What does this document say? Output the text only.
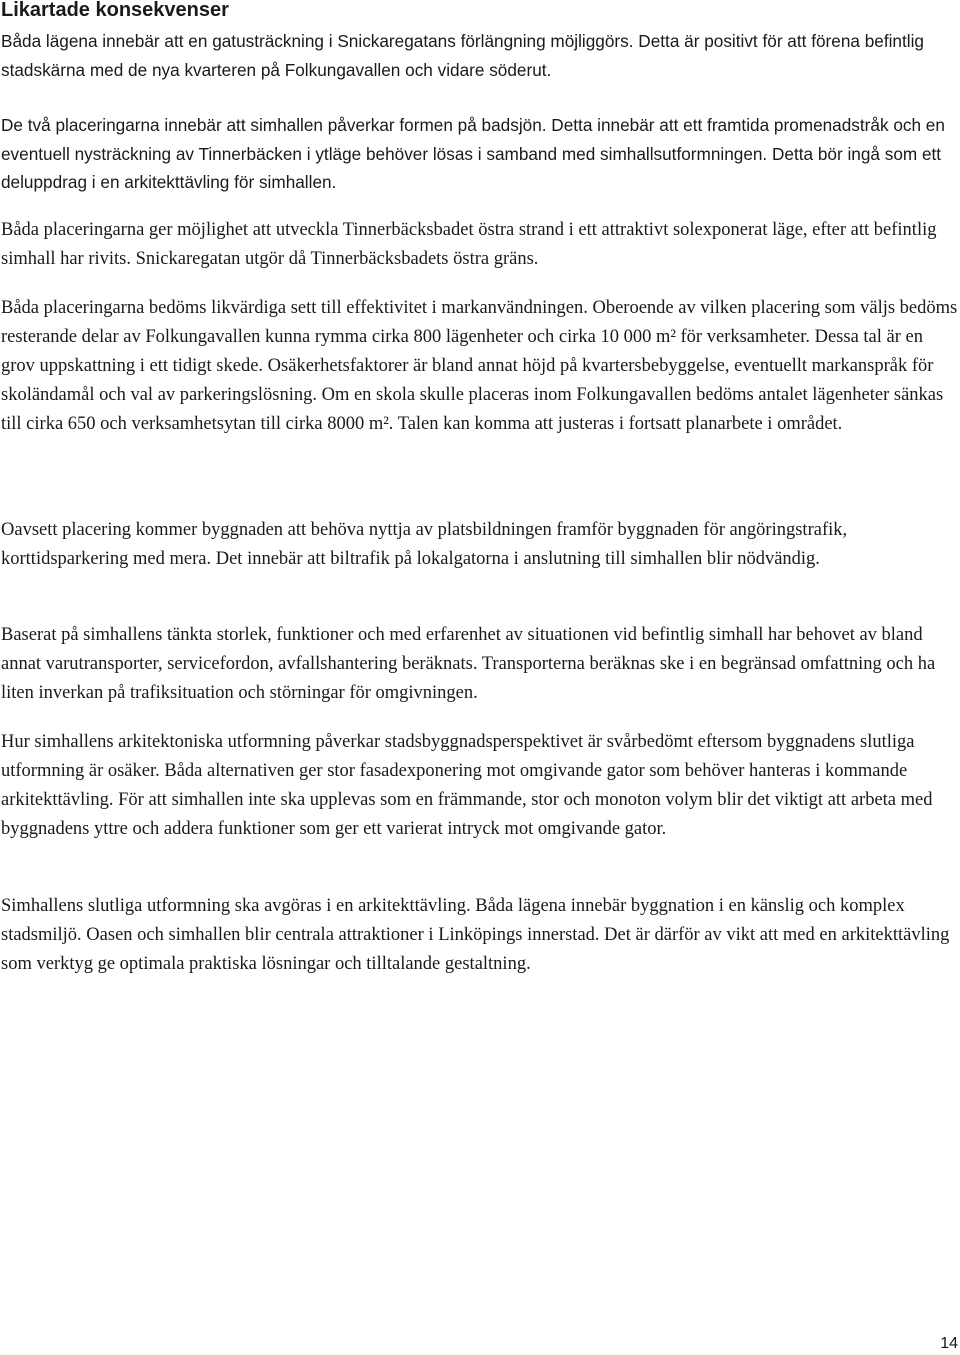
Likartade konsekvenser

Båda lägena innebär att en gatusträckning i Snickaregatans förlängning möjliggörs. Detta är positivt för att förena befintlig stadskärna med de nya kvarteren på Folkungavallen och vidare söderut.

De två placeringarna innebär att simhallen påverkar formen på badsjön. Detta innebär att ett framtida promenadstråk och en eventuell nysträckning av Tinnerbäcken i ytläge behöver lösas i samband med simhallsutformningen. Detta bör ingå som ett deluppdrag i en arkitekttävling för simhallen.

Båda placeringarna ger möjlighet att utveckla Tinnerbäcksbadet östra strand i ett attraktivt solexponerat läge, efter att befintlig simhall har rivits. Snickaregatan utgör då Tinnerbäcksbadets östra gräns.

Båda placeringarna bedöms likvärdiga sett till effektivitet i markanvändningen. Oberoende av vilken placering som väljs bedöms resterande delar av Folkungavallen kunna rymma cirka 800 lägenheter och cirka 10 000 m² för verksamheter. Dessa tal är en grov uppskattning i ett tidigt skede. Osäkerhetsfaktorer är bland annat höjd på kvartersbebyggelse, eventuellt markanspråk för skoländamål och val av parkeringslösning. Om en skola skulle placeras inom Folkungavallen bedöms antalet lägenheter sänkas till cirka 650 och verksamhetsytan till cirka 8000 m². Talen kan komma att justeras i fortsatt planarbete i området.

Oavsett placering kommer byggnaden att behöva nyttja av platsbildningen framför byggnaden för angöringstrafik, korttidsparkering med mera. Det innebär att biltrafik på lokalgatorna i anslutning till simhallen blir nödvändig.

Baserat på simhallens tänkta storlek, funktioner och med erfarenhet av situationen vid befintlig simhall har behovet av bland annat varutransporter, servicefordon, avfallshantering beräknats. Transporterna beräknas ske i en begränsad omfattning och ha liten inverkan på trafiksituation och störningar för omgivningen.

Hur simhallens arkitektoniska utformning påverkar stadsbyggnadsperspektivet är svårbedömt eftersom byggnadens slutliga utformning är osäker. Båda alternativen ger stor fasadexponering mot omgivande gator som behöver hanteras i kommande arkitekttävling. För att simhallen inte ska upplevas som en främmande, stor och monoton volym blir det viktigt att arbeta med byggnadens yttre och addera funktioner som ger ett varierat intryck mot omgivande gator.

Simhallens slutliga utformning ska avgöras i en arkitekttävling. Båda lägena innebär byggnation i en känslig och komplex stadsmiljö. Oasen och simhallen blir centrala attraktioner i Linköpings innerstad. Det är därför av vikt att med en arkitekttävling som verktyg ge optimala praktiska lösningar och tilltalande gestaltning.

14
